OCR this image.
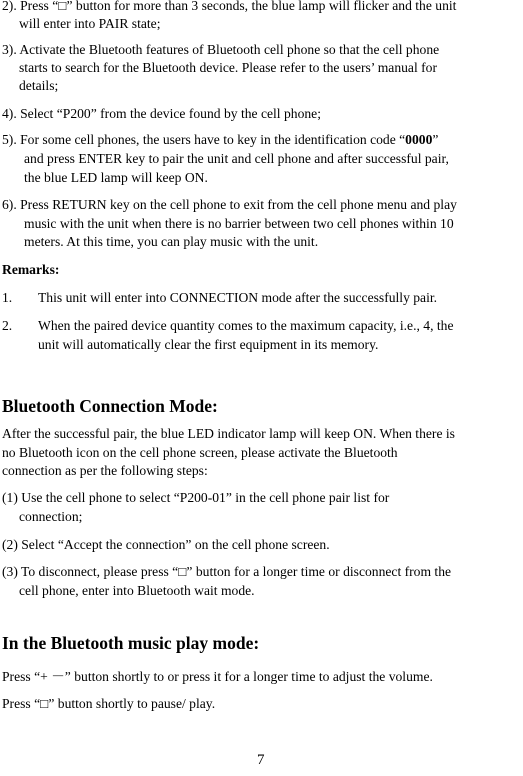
2). Press “□” button for more than 3 seconds, the blue lamp will flicker and the unit
will enter into PAIR state;
3). Activate the Bluetooth features of Bluetooth cell phone so that the cell phone
starts to search for the Bluetooth device. Please refer to the users’ manual for
details;
4). Select “P200” from the device found by the cell phone;
5). For some cell phones, the users have to key in the identification code “0000”
and press ENTER key to pair the unit and cell phone and after successful pair,
the blue LED lamp will keep ON.
6). Press RETURN key on the cell phone to exit from the cell phone menu and play
music with the unit when there is no barrier between two cell phones within 10
meters. At this time, you can play music with the unit.
Remarks:
1. This unit will enter into CONNECTION mode after the successfully pair.
2. When the paired device quantity comes to the maximum capacity, i.e., 4, the
unit will automatically clear the first equipment in its memory.
Bluetooth Connection Mode:
After the successful pair, the blue LED indicator lamp will keep ON. When there is
no Bluetooth icon on the cell phone screen, please activate the Bluetooth
connection as per the following steps:
(1) Use the cell phone to select “P200-01” in the cell phone pair list for
connection;
(2) Select “Accept the connection” on the cell phone screen.
(3) To disconnect, please press “□” button for a longer time or disconnect from the
cell phone, enter into Bluetooth wait mode.
In the Bluetooth music play mode:
Press “+ －” button shortly to or press it for a longer time to adjust the volume.
Press “□” button shortly to pause/ play.
7
